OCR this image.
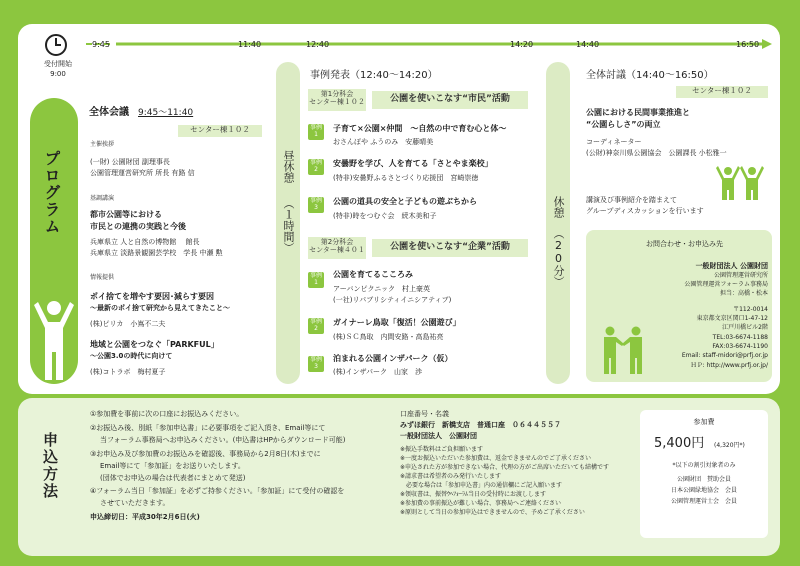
受付開始
9:00
9:45	11:40	12:40	14:20	14:40	16:50
プログラム
全体会議 9:45～11:40
センター棟１０２
主催挨拶
(一財) 公園財団 副理事長
公園管理運営研究所 所長 有路 信
基調講演
都市公園等における
市民との連携の実践と今後
兵庫県立 人と自然の博物館　 館長
兵庫県立 淡路景観園芸学校　学長 中瀬 勲
情報提供
ポイ捨てを増やす要因･減らす要因
～最新のポイ捨て研究から見えてきたこと～
(株)ピリカ　小嶌不二夫
地域と公園をつなぐ「PARKFUL」
～公園3.0の時代に向けて
(株)コトラボ　梅村夏子
昼休憩
（１時間）
事例発表（12:40～14:20）
第1分科会
センター棟１０２	公園を使いこなす“市民”活動
事例
1
子育て×公園×仲間　～自然の中で育む心と体～
おさんぽや ふうのみ　安藤晴美
事例
2
安曇野を学び、人を育てる「さとやま楽校」
(特非)安曇野ふるさとづくり応援団　宮崎崇徳
事例
3
公園の道具の安全と子どもの遊ぶちから
(特非)時をつむぐ会　続木美和子
第2分科会
センター棟４０１	公園を使いこなす“企業”活動
事例
1
公園を育てるこころみ
アーバンピクニック　村上豪英
(一社)リパブリシティイニシアティブ)
事例
2
ガイナーレ鳥取「復活！公園遊び」
(株)ＳＣ鳥取　内間安路・高島祐亮
事例
3
泊まれる公園インザパーク（仮）
(株)インザパーク　山家　渉
休憩
（20分）
全体討議（14:40～16:50）
センター棟１０２
公園における民間事業推進と
“公園らしさ”の両立
コーディネーター
(公財)神奈川県公園協会　公園課長 小松雅一
講演及び事例紹介を踏まえて
グループディスカッションを行います
お問合わせ・お申込み先
一般財団法人 公園財団
公園管理運営研究所
公園管理運営フォーラム事務局
担当：高橋・松本
〒112-0014
東京都文京区関口1-47-12
江戸川橋ビル2階
TEL:03-6674-1188
FAX:03-6674-1190
Email: staff-midori@prfj.or.jp
ＨＰ: http://www.prfj.or.jp/
申込方法
①参加費を事前に次の口座にお振込みください。
②お振込み後、別紙「参加申込書」に必要事項をご記入頂き、Email等にて
当フォーラム事務局へお申込みください。(申込書はHPからダウンロード可能)
③お申込み及び参加費のお振込みを確認後、事務局から2月8日(木)までに
Email等にて「参加証」をお送りいたします。
(団体でお申込の場合は代表者にまとめて発送)
④フォーラム当日「参加証」を必ずご持参ください。「参加証」にて受付の確認を
させていただきます。
申込締切日：平成30年2月6日(火)
口座番号・名義
みずほ銀行　新橋支店　普通口座　０６４４５５７
一般財団法人　公園財団
※振込手数料はご負担願います
※一度お振込いただいた参加費は、返金できませんのでご了承ください
※申込された方が参加できない場合、代理の方がご出席いただいても結構です
※請求書は希望者のみ発行いたします
　必要な場合は「参加申込書」内の通信欄にご記入願います
※領収書は、振替ｳﾍﾌｫｰﾗﾑ当日の受付時にお渡しします
※参加費の事前振込が難しい場合、事務局へご連絡ください
※原則として当日の参加申込はできませんので、予めご了承ください
参加費
5,400円 (4,320円*)
*以下の割引対象者のみ
公園財団　賛助会員
日本公園緑地協会　会員
公園管理運営士会　会員
